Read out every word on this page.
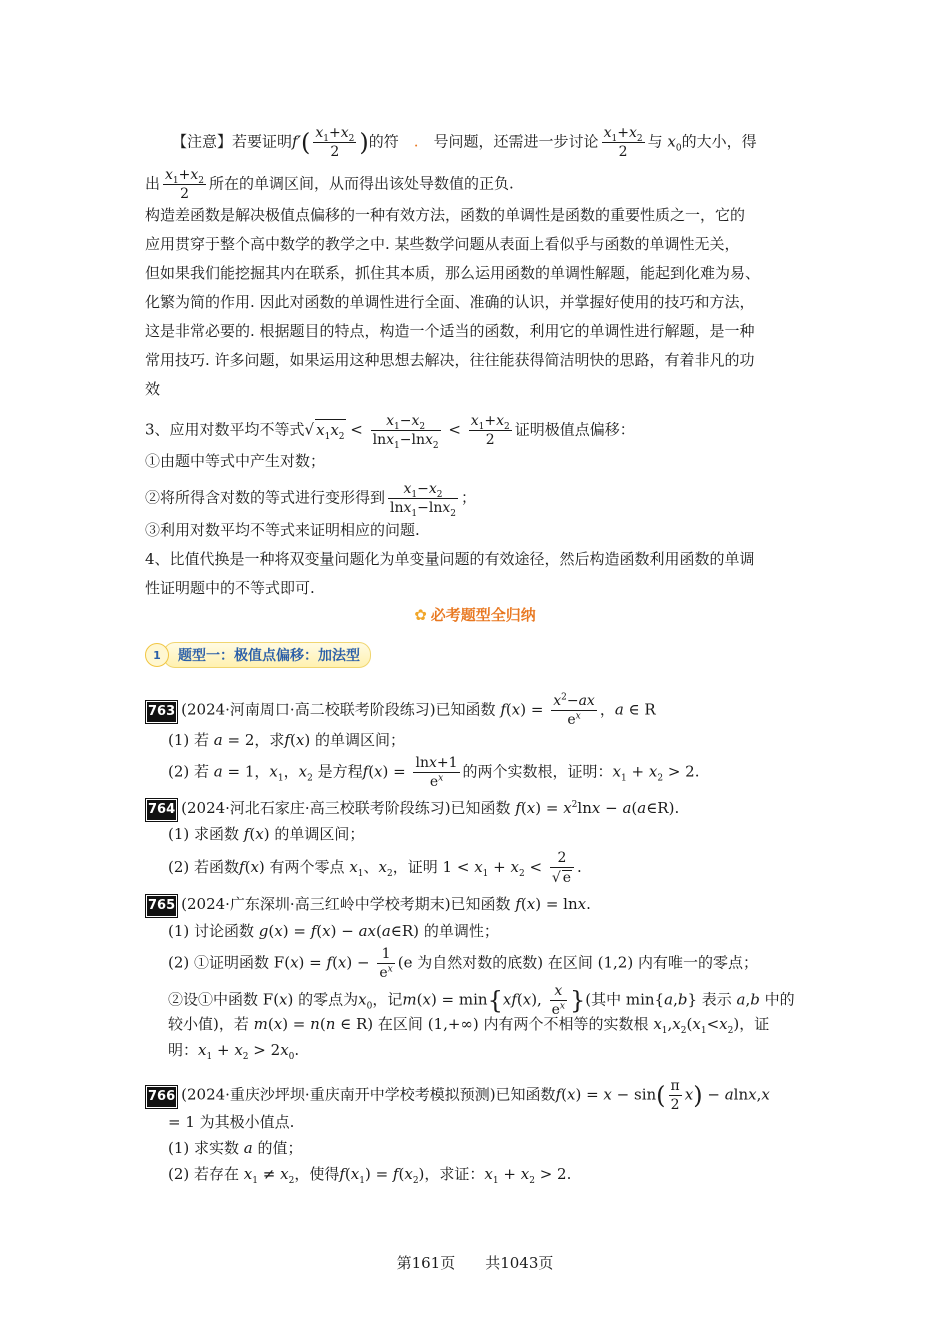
【注意】若要证明$f'( \frac{x_1+x_2}{2}$ )的符　.　号问题，还需进一步讨论 $\frac{x_1+x_2}{2}$ 与 $x_0$的大小，得
出 $\frac{x_1+x_2}{2}$ 所在的单调区间，从而得出该处导数值的正负.
构造差函数是解决极值点偏移的一种有效方法，函数的单调性是函数的重要性质之一，它的
应用贯穿于整个高中数学的教学之中. 某些数学问题从表面上看似乎与函数的单调性无关，
但如果我们能挖掘其内在联系，抓住其本质，那么运用函数的单调性解题，能起到化难为易、
化繁为简的作用. 因此对函数的单调性进行全面、准确的认识，并掌握好使用的技巧和方法，
这是非常必要的. 根据题目的特点，构造一个适当的函数，利用它的单调性进行解题，是一种
常用技巧. 许多问题，如果运用这种思想去解决，往往能获得简洁明快的思路，有着非凡的功
效
3、应用对数平均不等式√ $x_1x_2 < \frac{x_1-x_2}{\ln x_1-\ln x_2} < \frac{x_1+x_2}{2}$ 证明极值点偏移：
①由题中等式中产生对数；
②将所得含对数的等式进行变形得到 $\frac{x_1-x_2}{\ln x_1-\ln x_2}$ ；
③利用对数平均不等式来证明相应的问题.
4、比值代换是一种将双变量问题化为单变量问题的有效途径，然后构造函数利用函数的单调
性证明题中的不等式即可.
✿ 必考题型全归纳
1	题型一：极值点偏移：加法型
763 (2024·河南周口·高二校联考阶段练习)已知函数 $f(x) = \frac{x^2-ax}{e^x}$ ，a ∈ R
(1) 若 a = 2，求f(x) 的单调区间；
(2) 若 a = 1，$x_1$，$x_2$ 是方程$f(x) = \frac{\ln x+1}{e^x}$ 的两个实数根，证明：$x_1 + x_2 > 2$.
764 (2024·河北石家庄·高三校联考阶段练习)已知函数 $f(x) = x^2\ln x$ − a(a∈R).
(1) 求函数 f(x) 的单调区间；
(2) 若函数f(x) 有两个零点 $x_1$、$x_2$，证明 $1 < x_1 + x_2 < \frac{2}{√ e}$ .
765 (2024·广东深圳·高三红岭中学校考期末)已知函数 f(x) = lnx.
(1) 讨论函数 g(x) = f(x) − ax(a∈R) 的单调性；
(2) ①证明函数 $F(x) = f(x) - \frac{1}{e^x} (e$ 为自然对数的底数) 在区间 (1,2) 内有唯一的零点；
②设①中函数 F(x) 的零点为$x_0$，记m(x) = min{xf(x), $\frac{x}{e^x}$ }(其中 min{a,b} 表示 a,b 中的
较小值)，若 m(x) = n(n ∈ R) 在区间 (1,+∞) 内有两个不相等的实数根 $x_1,x_2(x_1<x_2)$，证
明：$x_1 + x_2 > 2x_0$.
766 (2024·重庆沙坪坝·重庆南开中学校考模拟预测)已知函数$f(x) = x - \sin( \frac{\pi}{2} x) - alnx,x$
= 1 为其极小值点.
(1) 求实数 a 的值；
(2) 若存在 $x_1 \ne x_2$，使得$f(x_1) = f(x_2)$，求证：$x_1 + x_2 > 2$.
第161页　　共1043页
